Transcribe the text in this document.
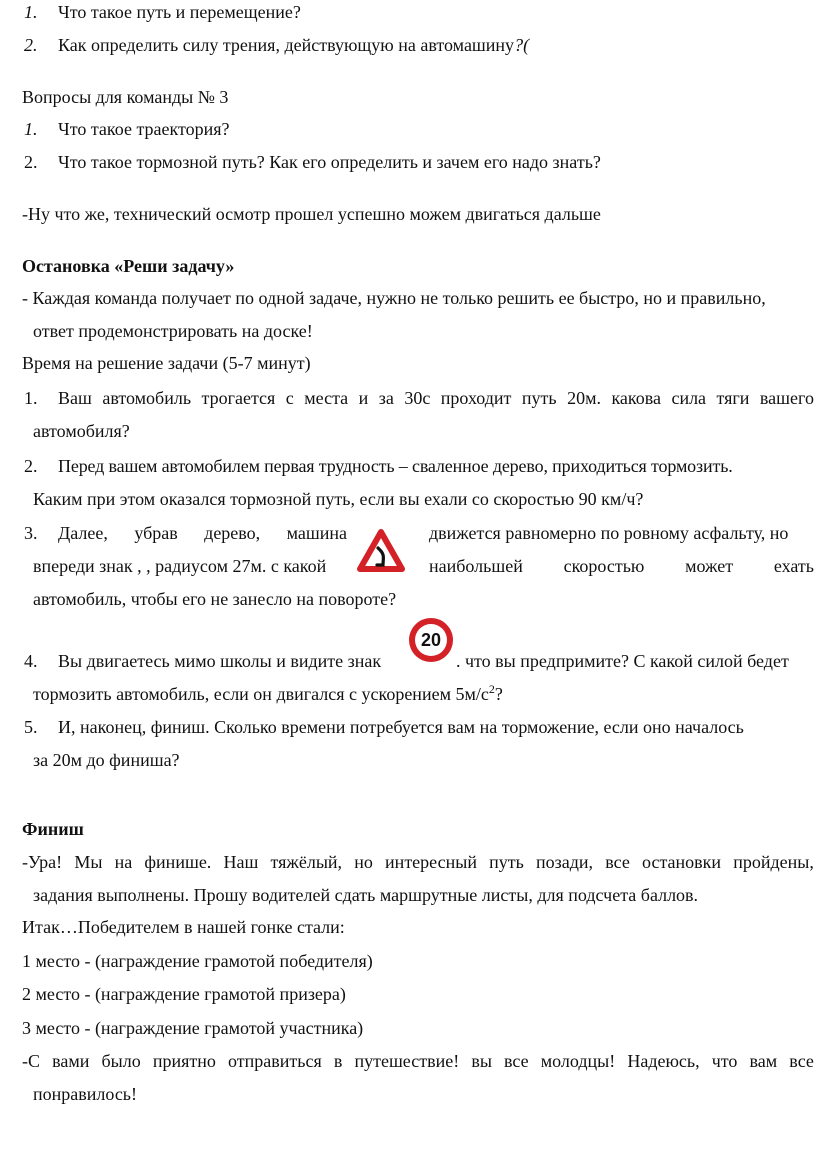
1. Что такое путь и перемещение?
2. Как определить силу трения, действующую на автомашину?(
Вопросы для команды № 3
1. Что такое траектория?
2. Что такое тормозной путь? Как его определить и зачем его надо знать?
-Ну что же, технический осмотр прошел успешно можем двигаться дальше
Остановка «Реши задачу»
- Каждая команда получает по одной задаче, нужно не только решить ее быстро, но и правильно,
ответ продемонстрировать на доске!
Время на решение задачи (5-7 минут)
1. Ваш автомобиль трогается с места и за 30с проходит путь 20м. какова сила тяги вашего
автомобиля?
2. Перед вашем автомобилем первая трудность – сваленное дерево, приходиться тормозить.
Каким при этом оказался тормозной путь, если вы ехали со скоростью 90 км/ч?
3. Далее, убрав дерево, машина	движется равномерно по ровному асфальту, но
впереди знак , , радиусом 27м. с какой	наибольшей скоростью может ехать
автомобиль, чтобы его не занесло на повороте?
4. Вы двигаетесь мимо школы и видите знак
20
. что вы предпримите? С какой силой бедет
тормозить автомобиль, если он двигался с ускорением $5м/с^2$?
5. И, наконец, финиш. Сколько времени потребуется вам на торможение, если оно началось
за 20м до финиша?
Финиш
-Ура! Мы на финише. Наш тяжёлый, но интересный путь позади, все остановки пройдены,
задания выполнены. Прошу водителей сдать маршрутные листы, для подсчета баллов.
Итак…Победителем в нашей гонке стали:
1 место - (награждение грамотой победителя)
2 место - (награждение грамотой призера)
3 место - (награждение грамотой участника)
-С вами было приятно отправиться в путешествие! вы все молодцы! Надеюсь, что вам все
понравилось!
